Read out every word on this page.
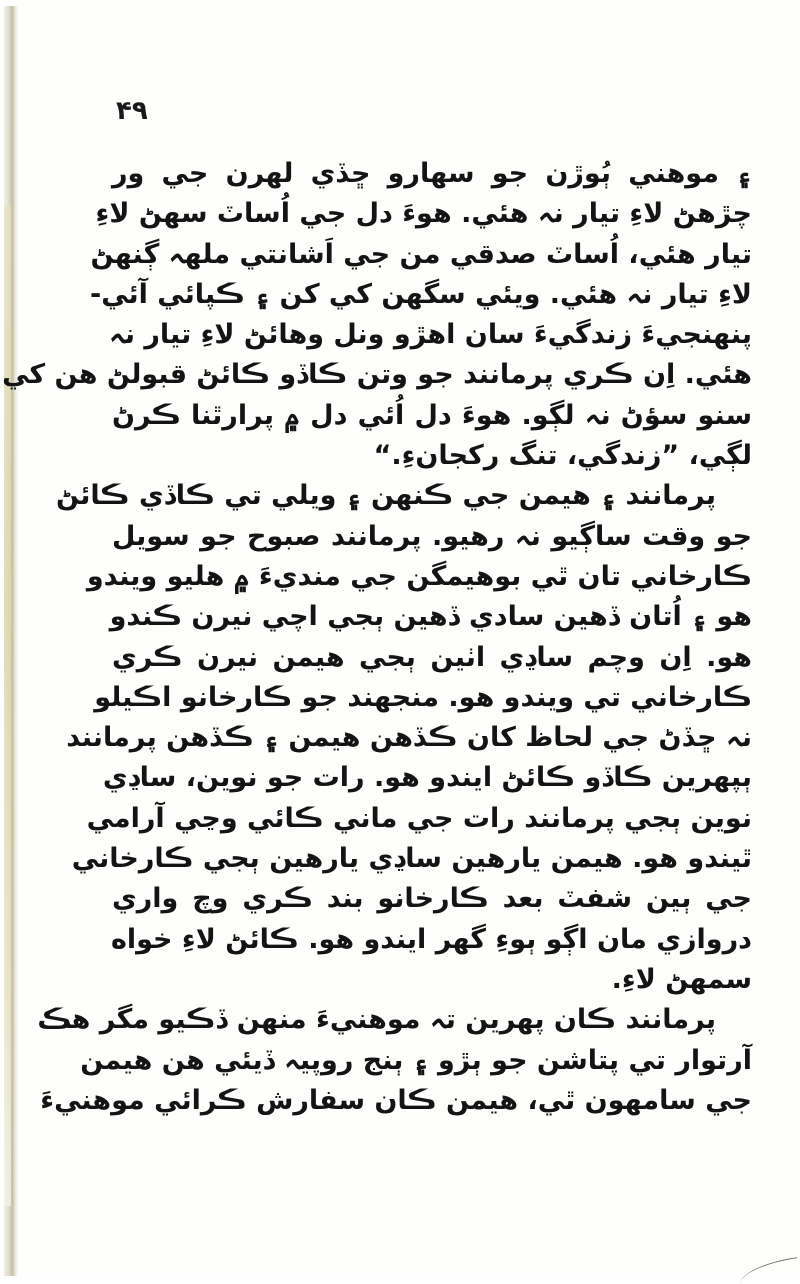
۴۹
۽ موهني ٻُوڙن جو سهارو ڇڏي لهرن جي ور
چڙهڻ لاءِ تيار نہ هئي. هوءَ دل جي اُساٽ سهڻ لاءِ
تيار هئي، اُساٽ صدقي من جي اَشانتي ملهہ ڳنهڻ
لاءِ تيار نہ هئي. ويئي سگهن کي کن ۽ ڪپائي آئي-
پنهنجيءَ زندگيءَ سان اهڙو ونل وهائڻ لاءِ تيار نہ
هئي. اِن ڪري پرمانند جو وتن ڪاڏو ڪائڻ قبولڻ هن کي
سنو سؤڻ نہ لڳو. هوءَ دل اُئي دل ۾ پرارٿنا ڪرڻ
لڳي، ”زندگي، تنگ رکجانءِ.“
پرمانند ۽ هيمن جي ڪنهن ۽ ويلي تي ڪاڏي ڪائڻ
جو وقت ساڳيو نہ رهيو. پرمانند صبوح جو سويل
ڪارخاني تان ٿي بوهيمگن جي منديءَ ۾ هليو ويندو
هو ۽ اُتان ڏهين سادي ڏهين ٻجي اچي نيرن ڪندو
هو. اِن وچم ساڍي اٺين ٻجي هيمن نيرن ڪري
ڪارخاني تي ويندو هو. منجهند جو ڪارخانو اڪيلو
نہ ڇڏڻ جي لحاظ کان ڪڏهن هيمن ۽ ڪڏهن پرمانند
ٻپهرين ڪاڏو ڪائڻ ايندو هو. رات جو نوين، ساڍي
نوين ٻجي پرمانند رات جي ماني ڪائي وڃي آرامي
ٿيندو هو. هيمن يارهين ساڍي يارهين ٻجي ڪارخاني
جي ٻين شفٽ بعد ڪارخانو بند ڪري وچ واري
دروازي مان اڳو ٻوءِ گهر ايندو هو. ڪائڻ لاءِ خواه
سمهڻ لاءِ.
پرمانند ڪان پهرين تہ موهنيءَ منهن ڏڪيو مگر هڪ
آرتوار تي پتاشن جو ٻڙو ۽ ٻنج روپيہ ڏيئي هن هيمن
جي سامهون ٿي، هيمن ڪان سفارش ڪرائي موهنيءَ
